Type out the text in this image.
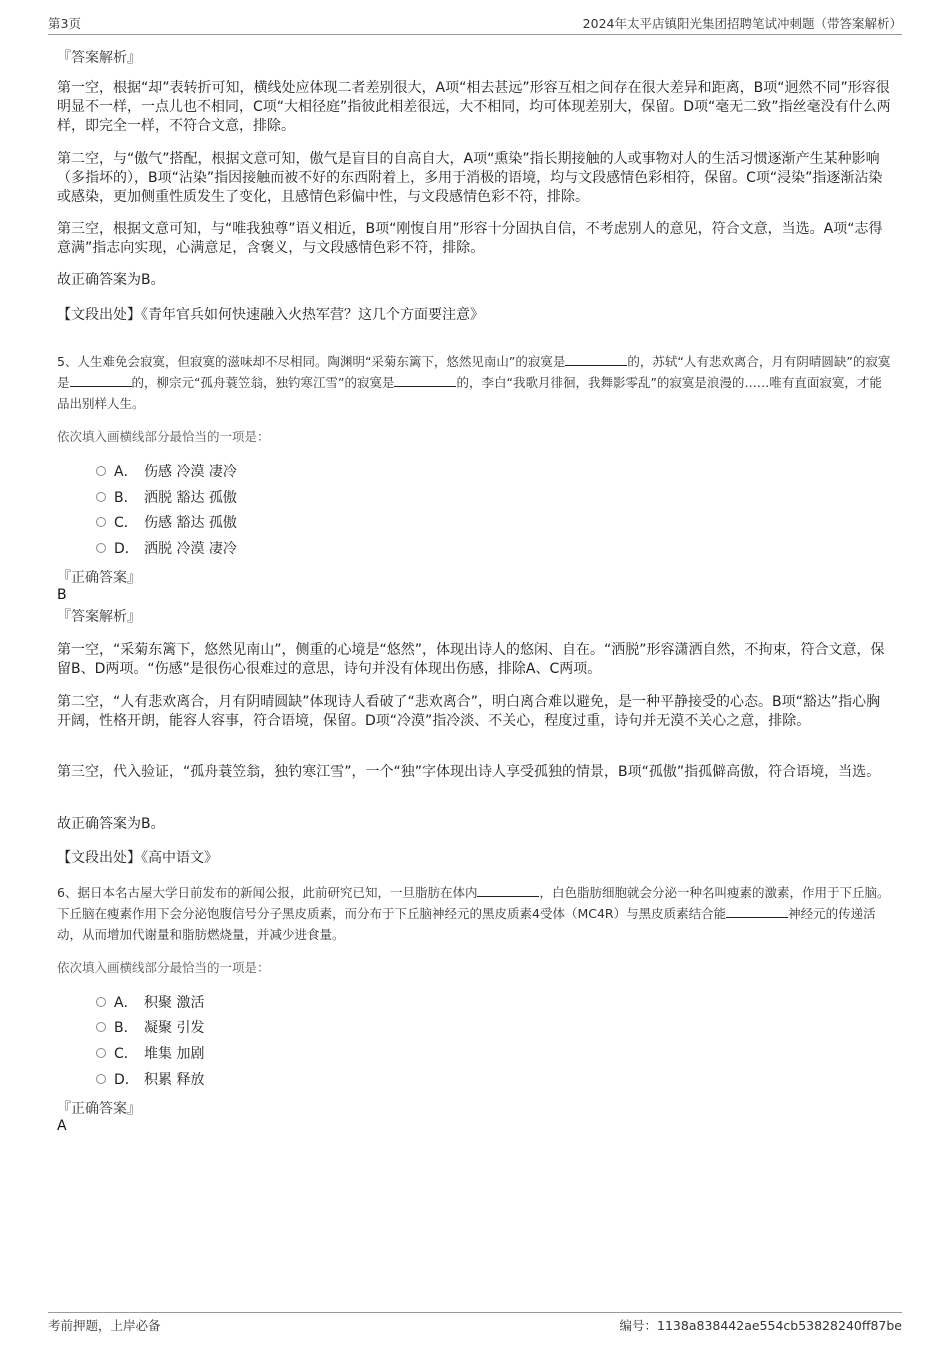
第3页	2024年太平店镇阳光集团招聘笔试冲刺题（带答案解析）
『答案解析』
第一空，根据“却”表转折可知，横线处应体现二者差别很大，A项“相去甚远”形容互相之间存在很大差异和距离，B项“迥然不同”形容很明显不一样，一点儿也不相同，C项“大相径庭”指彼此相差很远，大不相同，均可体现差别大，保留。D项“毫无二致”指丝毫没有什么两样，即完全一样，不符合文意，排除。
第二空，与“傲气”搭配，根据文意可知，傲气是盲目的自高自大，A项“熏染”指长期接触的人或事物对人的生活习惯逐渐产生某种影响（多指坏的），B项“沾染”指因接触而被不好的东西附着上，多用于消极的语境，均与文段感情色彩相符，保留。C项“浸染”指逐渐沾染或感染，更加侧重性质发生了变化，且感情色彩偏中性，与文段感情色彩不符，排除。
第三空，根据文意可知，与“唯我独尊”语义相近，B项“刚愎自用”形容十分固执自信，不考虑别人的意见，符合文意，当选。A项“志得意满”指志向实现，心满意足，含褒义，与文段感情色彩不符，排除。
故正确答案为B。
【文段出处】《青年官兵如何快速融入火热军营？这几个方面要注意》
5、人生难免会寂寞，但寂寞的滋味却不尽相同。陶渊明“采菊东篱下，悠然见南山”的寂寞是	的，苏轼“人有悲欢离合，月有阴晴圆缺”的寂寞是	的，柳宗元“孤舟蓑笠翁，独钓寒江雪”的寂寞是	的，李白“我歌月徘徊，我舞影零乱”的寂寞是浪漫的……唯有直面寂寞，才能品出别样人生。
依次填入画横线部分最恰当的一项是：
A． 伤感 冷漠 凄冷
B． 洒脱 豁达 孤傲
C． 伤感 豁达 孤傲
D． 洒脱 冷漠 凄冷
『正确答案』
B
『答案解析』
第一空，“采菊东篱下，悠然见南山”，侧重的心境是“悠然”，体现出诗人的悠闲、自在。“洒脱”形容潇洒自然，不拘束，符合文意，保留B、D两项。“伤感”是很伤心很难过的意思，诗句并没有体现出伤感，排除A、C两项。
第二空，“人有悲欢离合，月有阴晴圆缺”体现诗人看破了“悲欢离合”，明白离合难以避免，是一种平静接受的心态。B项“豁达”指心胸开阔，性格开朗，能容人容事，符合语境，保留。D项“冷漠”指冷淡、不关心，程度过重，诗句并无漠不关心之意，排除。
第三空，代入验证，“孤舟蓑笠翁，独钓寒江雪”，一个“独”字体现出诗人享受孤独的情景，B项“孤傲”指孤僻高傲，符合语境，当选。
故正确答案为B。
【文段出处】《高中语文》
6、据日本名古屋大学日前发布的新闻公报，此前研究已知，一旦脂肪在体内	，白色脂肪细胞就会分泌一种名叫瘦素的激素，作用于下丘脑。下丘脑在瘦素作用下会分泌饱腹信号分子黑皮质素，而分布于下丘脑神经元的黑皮质素4受体（MC4R）与黑皮质素结合能	神经元的传递活动，从而增加代谢量和脂肪燃烧量，并减少进食量。
依次填入画横线部分最恰当的一项是：
A． 积聚 激活
B． 凝聚 引发
C． 堆集 加剧
D． 积累 释放
『正确答案』
A
考前押题，上岸必备	编号：1138a838442ae554cb53828240ff87be
